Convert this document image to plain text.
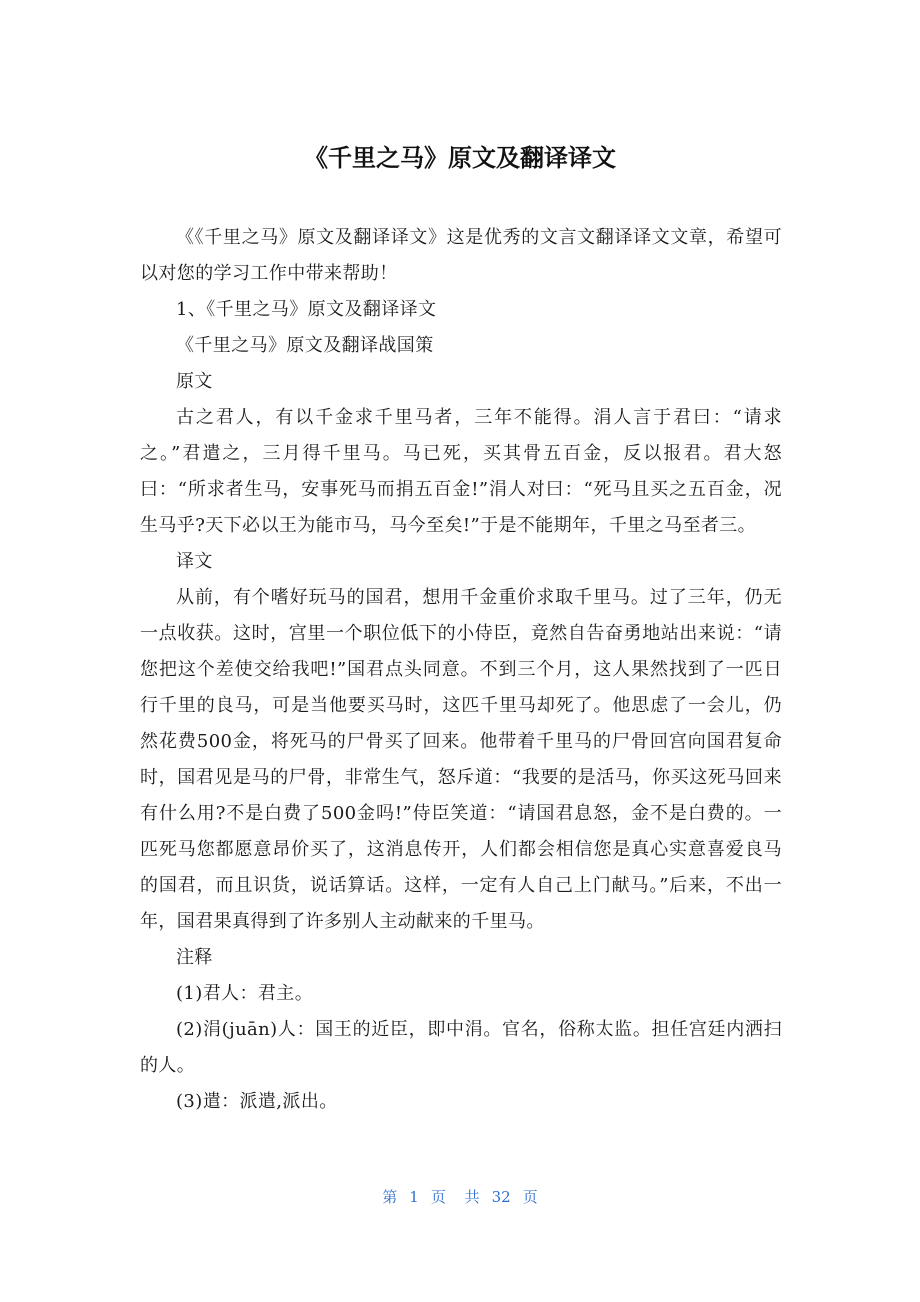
《千里之马》原文及翻译译文

《《千里之马》原文及翻译译文》这是优秀的文言文翻译译文文章，希望可以对您的学习工作中带来帮助！

1、《千里之马》原文及翻译译文

《千里之马》原文及翻译战国策

原文

古之君人，有以千金求千里马者，三年不能得。涓人言于君曰：“请求之。”君遣之，三月得千里马。马已死，买其骨五百金，反以报君。君大怒曰：“所求者生马，安事死马而捐五百金!”涓人对曰：“死马且买之五百金，况生马乎?天下必以王为能市马，马今至矣!”于是不能期年，千里之马至者三。

译文

从前，有个嗜好玩马的国君，想用千金重价求取千里马。过了三年，仍无一点收获。这时，宫里一个职位低下的小侍臣，竟然自告奋勇地站出来说：“请您把这个差使交给我吧!”国君点头同意。不到三个月，这人果然找到了一匹日行千里的良马，可是当他要买马时，这匹千里马却死了。他思虑了一会儿，仍然花费500金，将死马的尸骨买了回来。他带着千里马的尸骨回宫向国君复命时，国君见是马的尸骨，非常生气，怒斥道：“我要的是活马，你买这死马回来有什么用?不是白费了500金吗!”侍臣笑道：“请国君息怒，金不是白费的。一匹死马您都愿意昂价买了，这消息传开，人们都会相信您是真心实意喜爱良马的国君，而且识货，说话算话。这样，一定有人自己上门献马。”后来，不出一年，国君果真得到了许多别人主动献来的千里马。

注释

(1)君人：君主。

(2)涓(juān)人：国王的近臣，即中涓。官名，俗称太监。担任宫廷内洒扫的人。

(3)遣：派遣,派出。

第 1 页 共 32 页
